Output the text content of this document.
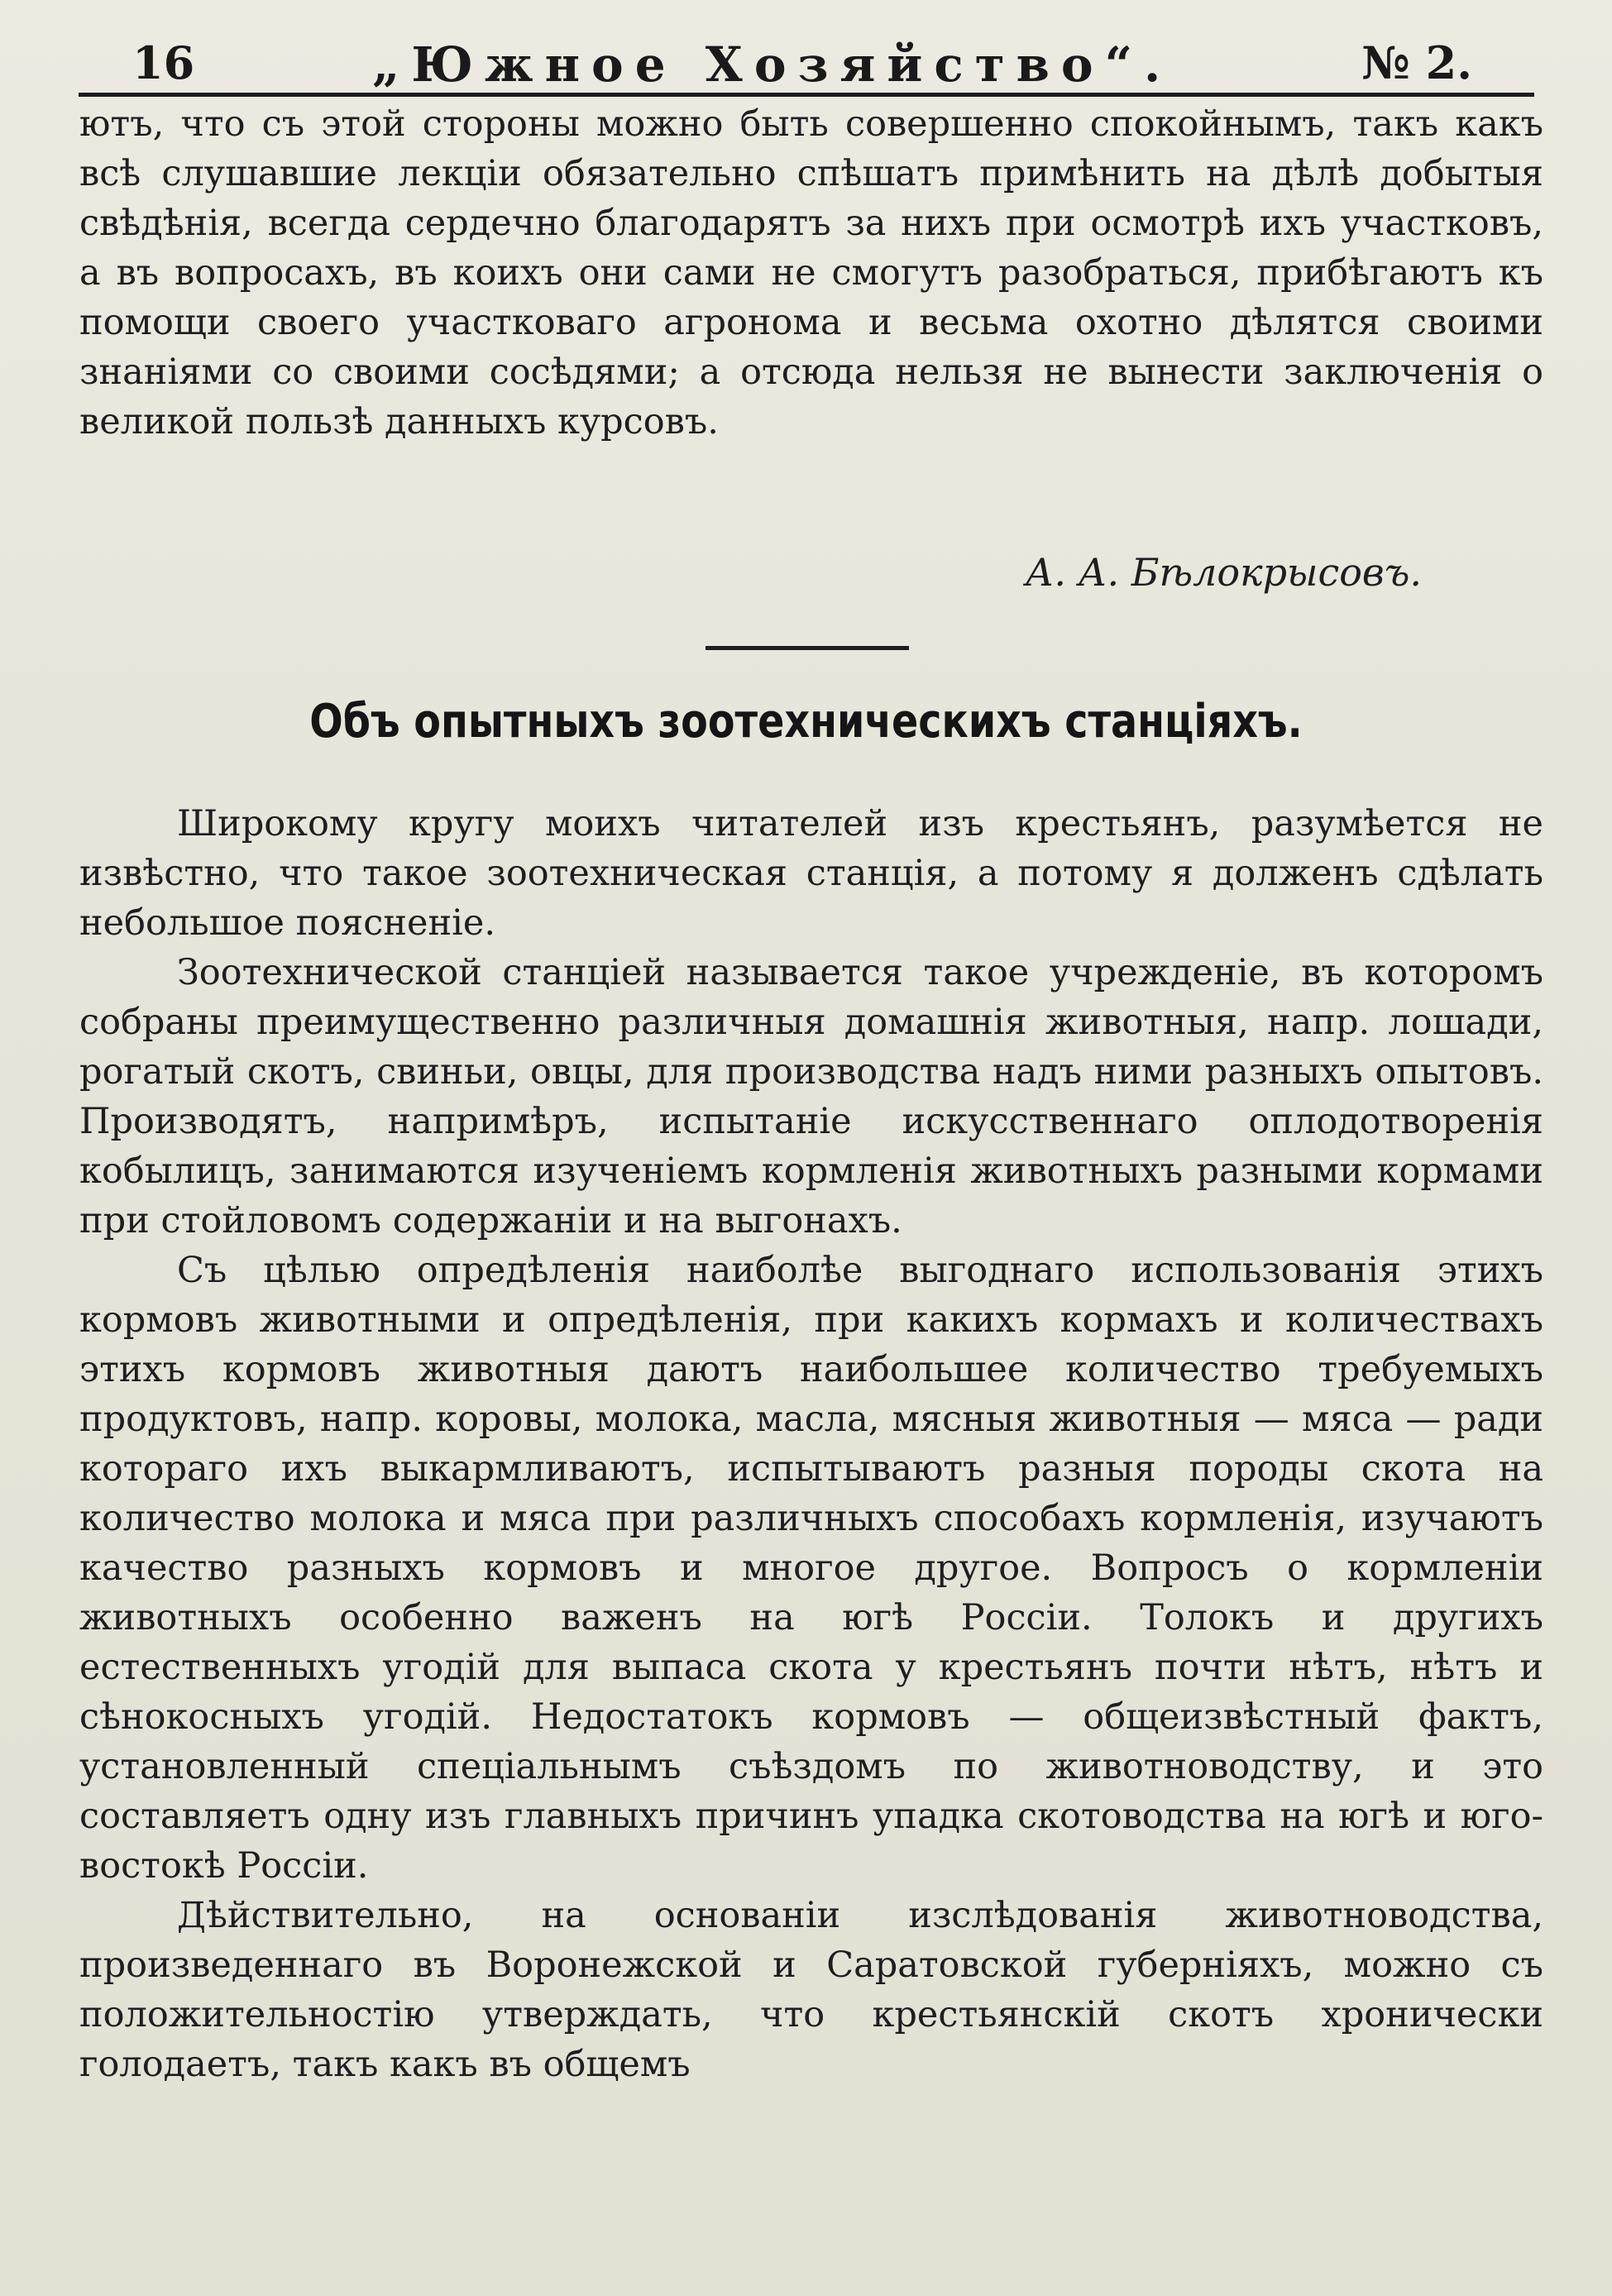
16	„Южное Хозяйство“.	№ 2.

ютъ, что съ этой стороны можно быть совершенно спокойнымъ, такъ какъ всѣ слушавшие лекціи обязательно спѣшатъ примѣнить на дѣлѣ добытыя свѣдѣнія, всегда сердечно благодарятъ за нихъ при осмотрѣ ихъ участковъ, а въ вопросахъ, въ коихъ они сами не смогутъ разобраться, прибѣгаютъ къ помощи своего участковаго агронома и весьма охотно дѣлятся своими знаніями со своими сосѣдями; а отсюда нельзя не вынести заключенія о великой пользѣ данныхъ курсовъ.

А. А. Бѣлокрысовъ.
Объ опытныхъ зоотехническихъ станціяхъ.

Широкому кругу моихъ читателей изъ крестьянъ, разумѣется не извѣстно, что такое зоотехническая станція, а потому я долженъ сдѣлать небольшое поясненіе.

Зоотехнической станціей называется такое учрежденіе, въ которомъ собраны преимущественно различныя домашнія животныя, напр. лошади, рогатый скотъ, свиньи, овцы, для производства надъ ними разныхъ опытовъ. Производятъ, напримѣръ, испытаніе искусственнаго оплодотворенія кобылицъ, занимаются изученіемъ кормленія животныхъ разными кормами при стойловомъ содержаніи и на выгонахъ.

Съ цѣлью опредѣленія наиболѣе выгоднаго использованія этихъ кормовъ животными и опредѣленія, при какихъ кормахъ и количествахъ этихъ кормовъ животныя даютъ наибольшее количество требуемыхъ продуктовъ, напр. коровы, молока, масла, мясныя животныя — мяса — ради котораго ихъ выкармливаютъ, испытываютъ разныя породы скота на количество молока и мяса при различныхъ способахъ кормленія, изучаютъ качество разныхъ кормовъ и многое другое. Вопросъ о кормленіи животныхъ особенно важенъ на югѣ Россіи. Толокъ и другихъ естественныхъ угодій для выпаса скота у крестьянъ почти нѣтъ, нѣтъ и сѣнокосныхъ угодій. Недостатокъ кормовъ — общеизвѣстный фактъ, установленный спеціальнымъ съѣздомъ по животноводству, и это составляетъ одну изъ главныхъ причинъ упадка скотоводства на югѣ и юго-востокѣ Россіи.

Дѣйствительно, на основаніи изслѣдованія животноводства, произведеннаго въ Воронежской и Саратовской губерніяхъ, можно съ положительностію утверждать, что крестьянскій скотъ хронически голодаетъ, такъ какъ въ общемъ
